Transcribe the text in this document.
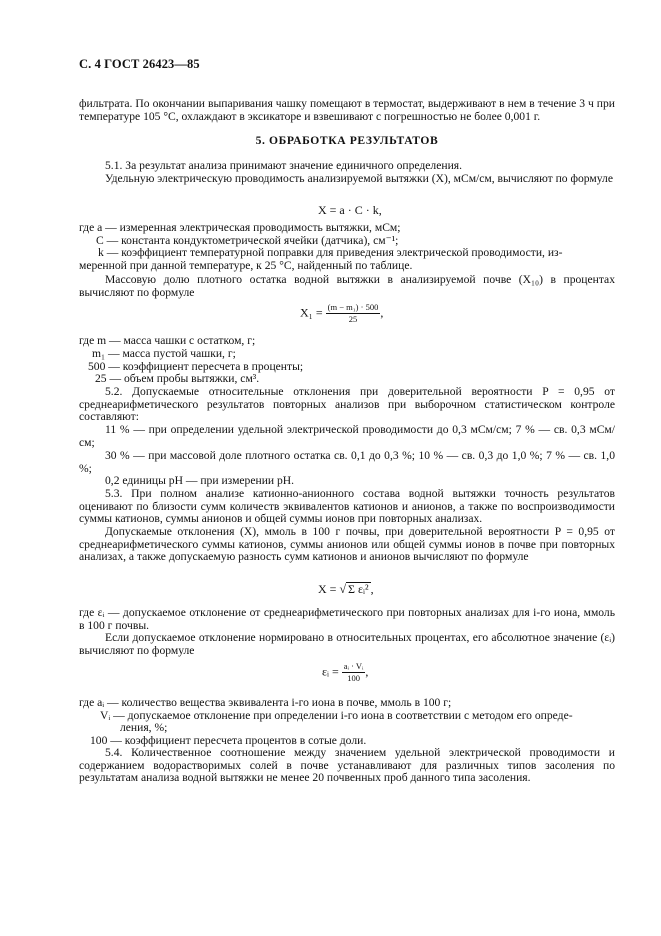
С. 4 ГОСТ 26423—85
фильтрата. По окончании выпаривания чашку помещают в термостат, выдерживают в нем в течение 3 ч при температуре 105 °С, охлаждают в эксикаторе и взвешивают с погрешностью не более 0,001 г.
5. ОБРАБОТКА РЕЗУЛЬТАТОВ
5.1. За результат анализа принимают значение единичного определения.
Удельную электрическую проводимость анализируемой вытяжки (X), мСм/см, вычисляют по формуле
X = a · C · k,
где a — измеренная электрическая проводимость вытяжки, мСм;
C — константа кондуктометрической ячейки (датчика), см⁻¹;
k — коэффициент температурной поправки для приведения электрической проводимости, из-
меренной при данной температуре, к 25 °С, найденный по таблице.
Массовую долю плотного остатка водной вытяжки в анализируемой почве (X₁₀) в процентах вычисляют по формуле
$X_1 = \frac{\text{(m − m₁) · 500}}{25}$ ,
где m — масса чашки с остатком, г;
m₁ — масса пустой чашки, г;
500 — коэффициент пересчета в проценты;
25 — объем пробы вытяжки, см³.
5.2. Допускаемые относительные отклонения при доверительной вероятности P = 0,95 от среднеарифметического результатов повторных анализов при выборочном статистическом контроле составляют:
11 % — при определении удельной электрической проводимости до 0,3 мСм/см; 7 % — св. 0,3 мСм/см;
30 % — при массовой доле плотного остатка св. 0,1 до 0,3 %; 10 % — св. 0,3 до 1,0 %; 7 % — св. 1,0 %;
0,2 единицы pH — при измерении pH.
5.3. При полном анализе катионно-анионного состава водной вытяжки точность результатов оценивают по близости сумм количеств эквивалентов катионов и анионов, а также по воспроизводимости суммы катионов, суммы анионов и общей суммы ионов при повторных анализах.
Допускаемые отклонения (X), ммоль в 100 г почвы, при доверительной вероятности P = 0,95 от среднеарифметического суммы катионов, суммы анионов или общей суммы ионов в почве при повторных анализах, а также допускаемую разность сумм катионов и анионов вычисляют по формуле
X = √ Σ εᵢ² ,
где εᵢ — допускаемое отклонение от среднеарифметического при повторных анализах для i-го иона, ммоль в 100 г почвы.
Если допускаемое отклонение нормировано в относительных процентах, его абсолютное значение (εᵢ) вычисляют по формуле
εᵢ = $\frac{\text{aᵢ · Vᵢ}}{100}$ ,
где aᵢ — количество вещества эквивалента i-го иона в почве, ммоль в 100 г;
Vᵢ — допускаемое отклонение при определении i-го иона в соответствии с методом его опреде-
ления, %;
100 — коэффициент пересчета процентов в сотые доли.
5.4. Количественное соотношение между значением удельной электрической проводимости и содержанием водорастворимых солей в почве устанавливают для различных типов засоления по результатам анализа водной вытяжки не менее 20 почвенных проб данного типа засоления.
